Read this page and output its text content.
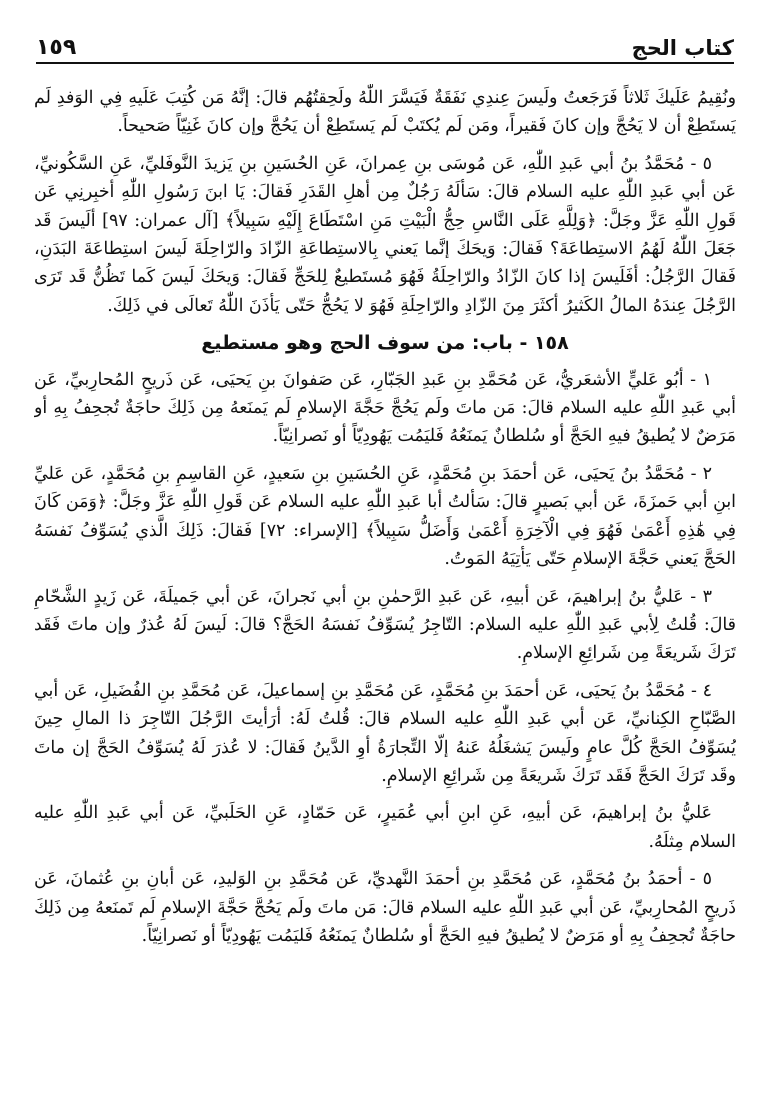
كتاب الحج
١٥٩

ونُقِيمُ عَلَيكَ ثَلاثاً فَرَجَعتُ ولَيسَ عِندِي نَفَقَةٌ فَيَسَّرَ اللّٰهُ ولَحِقتُهُم قالَ: إنَّهُ مَن كُتِبَ عَلَيهِ فِي الوَفدِ لَم يَستَطِعْ أن لا يَحُجَّ وإن كانَ فَقيراً، ومَن لَم يُكتَبْ لَم يَستَطِعْ أن يَحُجَّ وإن كانَ غَنِيّاً صَحيحاً.

٥ - مُحَمَّدُ بنُ أبي عَبدِ اللّٰهِ، عَن مُوسَى بنِ عِمرانَ، عَنِ الحُسَينِ بنِ يَزيدَ النَّوفَليِّ، عَنِ السَّكُونيِّ، عَن أبي عَبدِ اللّٰهِ عليه السلام قالَ: سَألَهُ رَجُلٌ مِن أهلِ القَدَرِ فَقالَ: يَا ابنَ رَسُولِ اللّٰهِ أخبِرنِي عَن قَولِ اللّٰهِ عَزَّ وجَلَّ: ﴿وَلِلَّهِ عَلَى النَّاسِ حِجُّ الْبَيْتِ مَنِ اسْتَطَاعَ إِلَيْهِ سَبِيلاً﴾ [آل عمران: ٩٧] ألَيسَ قَد جَعَلَ اللّٰهُ لَهُمُ الاستِطاعَةَ؟ فَقالَ: وَيحَكَ إنَّما يَعني بِالاستِطاعَةِ الزّادَ والرّاحِلَةَ لَيسَ استِطاعَةَ البَدَنِ، فَقالَ الرَّجُلُ: أفَلَيسَ إذا كانَ الزّادُ والرّاحِلَةُ فَهُوَ مُستَطيعٌ لِلحَجِّ فَقالَ: وَيحَكَ لَيسَ كَما تَظُنُّ قَد تَرَى الرَّجُلَ عِندَهُ المالُ الكَثيرُ أكثَرَ مِنَ الزّادِ والرّاحِلَةِ فَهُوَ لا يَحُجُّ حَتّى يَأذَنَ اللّٰهُ تَعالَى في ذَلِكَ.

١٥٨ - باب: من سوف الحج وهو مستطيع

١ - أبُو عَليٍّ الأشعَريُّ، عَن مُحَمَّدِ بنِ عَبدِ الجَبّارِ، عَن صَفوانَ بنِ يَحيَى، عَن ذَريحٍ المُحارِبيِّ، عَن أبي عَبدِ اللّٰهِ عليه السلام قالَ: مَن ماتَ ولَم يَحُجَّ حَجَّةَ الإسلامِ لَم يَمنَعهُ مِن ذَلِكَ حاجَةٌ تُجحِفُ بِهِ أو مَرَضٌ لا يُطيقُ فيهِ الحَجَّ أو سُلطانٌ يَمنَعُهُ فَليَمُت يَهُودِيّاً أو نَصرانِيّاً.

٢ - مُحَمَّدُ بنُ يَحيَى، عَن أحمَدَ بنِ مُحَمَّدٍ، عَنِ الحُسَينِ بنِ سَعيدٍ، عَنِ القاسِمِ بنِ مُحَمَّدٍ، عَن عَليِّ ابنِ أبي حَمزَةَ، عَن أبي بَصيرٍ قالَ: سَألتُ أبا عَبدِ اللّٰهِ عليه السلام عَن قَولِ اللّٰهِ عَزَّ وجَلَّ: ﴿وَمَن كَانَ فِي هَٰذِهِ أَعْمَىٰ فَهُوَ فِي الْآخِرَةِ أَعْمَىٰ وَأَضَلُّ سَبِيلاً﴾ [الإسراء: ٧٢] فَقالَ: ذَلِكَ الَّذي يُسَوِّفُ نَفسَهُ الحَجَّ يَعني حَجَّةَ الإسلامِ حَتّى يَأتِيَهُ المَوتُ.

٣ - عَليُّ بنُ إبراهيمَ، عَن أبيهِ، عَن عَبدِ الرَّحمٰنِ بنِ أبي نَجرانَ، عَن أبي جَميلَةَ، عَن زَيدٍ الشَّحّامِ قالَ: قُلتُ لِأبي عَبدِ اللّٰهِ عليه السلام: التّاجِرُ يُسَوِّفُ نَفسَهُ الحَجَّ؟ قالَ: لَيسَ لَهُ عُذرٌ وإن ماتَ فَقَد تَرَكَ شَريعَةً مِن شَرائِعِ الإسلامِ.

٤ - مُحَمَّدُ بنُ يَحيَى، عَن أحمَدَ بنِ مُحَمَّدٍ، عَن مُحَمَّدِ بنِ إسماعيلَ، عَن مُحَمَّدِ بنِ الفُضَيلِ، عَن أبي الصَّبّاحِ الكِنانيِّ، عَن أبي عَبدِ اللّٰهِ عليه السلام قالَ: قُلتُ لَهُ: أرَأيتَ الرَّجُلَ التّاجِرَ ذا المالِ حِينَ يُسَوِّفُ الحَجَّ كُلَّ عامٍ ولَيسَ يَشغَلُهُ عَنهُ إلّا التِّجارَةُ أوِ الدَّينُ فَقالَ: لا عُذرَ لَهُ يُسَوِّفُ الحَجَّ إن ماتَ وقَد تَرَكَ الحَجَّ فَقَد تَرَكَ شَريعَةً مِن شَرائِعِ الإسلامِ.

عَليُّ بنُ إبراهيمَ، عَن أبيهِ، عَنِ ابنِ أبي عُمَيرٍ، عَن حَمّادٍ، عَنِ الحَلَبيِّ، عَن أبي عَبدِ اللّٰهِ عليه السلام مِثلَهُ.

٥ - أحمَدُ بنُ مُحَمَّدٍ، عَن مُحَمَّدِ بنِ أحمَدَ النَّهديِّ، عَن مُحَمَّدِ بنِ الوَليدِ، عَن أبانِ بنِ عُثمانَ، عَن ذَريحٍ المُحارِبيِّ، عَن أبي عَبدِ اللّٰهِ عليه السلام قالَ: مَن ماتَ ولَم يَحُجَّ حَجَّةَ الإسلامِ لَم تَمنَعهُ مِن ذَلِكَ حاجَةٌ تُجحِفُ بِهِ أو مَرَضٌ لا يُطيقُ فيهِ الحَجَّ أو سُلطانٌ يَمنَعُهُ فَليَمُت يَهُودِيّاً أو نَصرانِيّاً.
